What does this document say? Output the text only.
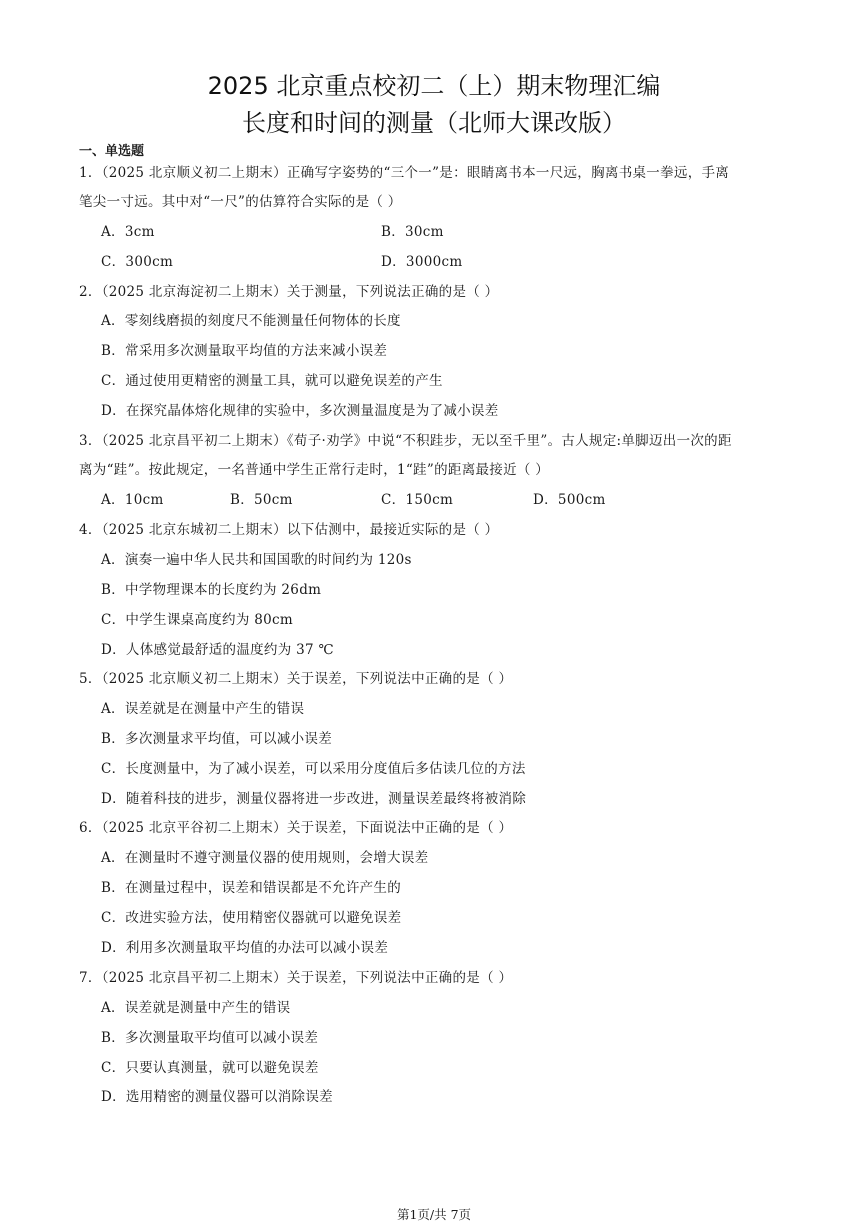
2025 北京重点校初二（上）期末物理汇编
长度和时间的测量（北师大课改版）
一、单选题
1．（2025 北京顺义初二上期末）正确写字姿势的“三个一”是：眼睛离书本一尺远，胸离书桌一拳远，手离
笔尖一寸远。其中对“一尺”的估算符合实际的是（ ）
A．3cm	B．30cm
C．300cm	D．3000cm
2．（2025 北京海淀初二上期末）关于测量，下列说法正确的是（ ）
A．零刻线磨损的刻度尺不能测量任何物体的长度
B．常采用多次测量取平均值的方法来减小误差
C．通过使用更精密的测量工具，就可以避免误差的产生
D．在探究晶体熔化规律的实验中，多次测量温度是为了减小误差
3．（2025 北京昌平初二上期末）《荀子·劝学》中说“不积跬步，无以至千里”。古人规定:单脚迈出一次的距
离为“跬”。按此规定，一名普通中学生正常行走时，1“跬”的距离最接近（ ）
A．10cm	B．50cm	C．150cm	D．500cm
4．（2025 北京东城初二上期末）以下估测中，最接近实际的是（ ）
A．演奏一遍中华人民共和国国歌的时间约为 120s
B．中学物理课本的长度约为 26dm
C．中学生课桌高度约为 80cm
D．人体感觉最舒适的温度约为 37 ℃
5．（2025 北京顺义初二上期末）关于误差，下列说法中正确的是（ ）
A．误差就是在测量中产生的错误
B．多次测量求平均值，可以减小误差
C．长度测量中，为了减小误差，可以采用分度值后多估读几位的方法
D．随着科技的进步，测量仪器将进一步改进，测量误差最终将被消除
6．（2025 北京平谷初二上期末）关于误差，下面说法中正确的是（ ）
A．在测量时不遵守测量仪器的使用规则，会增大误差
B．在测量过程中，误差和错误都是不允许产生的
C．改进实验方法，使用精密仪器就可以避免误差
D．利用多次测量取平均值的办法可以减小误差
7．（2025 北京昌平初二上期末）关于误差，下列说法中正确的是（ ）
A．误差就是测量中产生的错误
B．多次测量取平均值可以减小误差
C．只要认真测量，就可以避免误差
D．选用精密的测量仪器可以消除误差
第1页/共 7页
